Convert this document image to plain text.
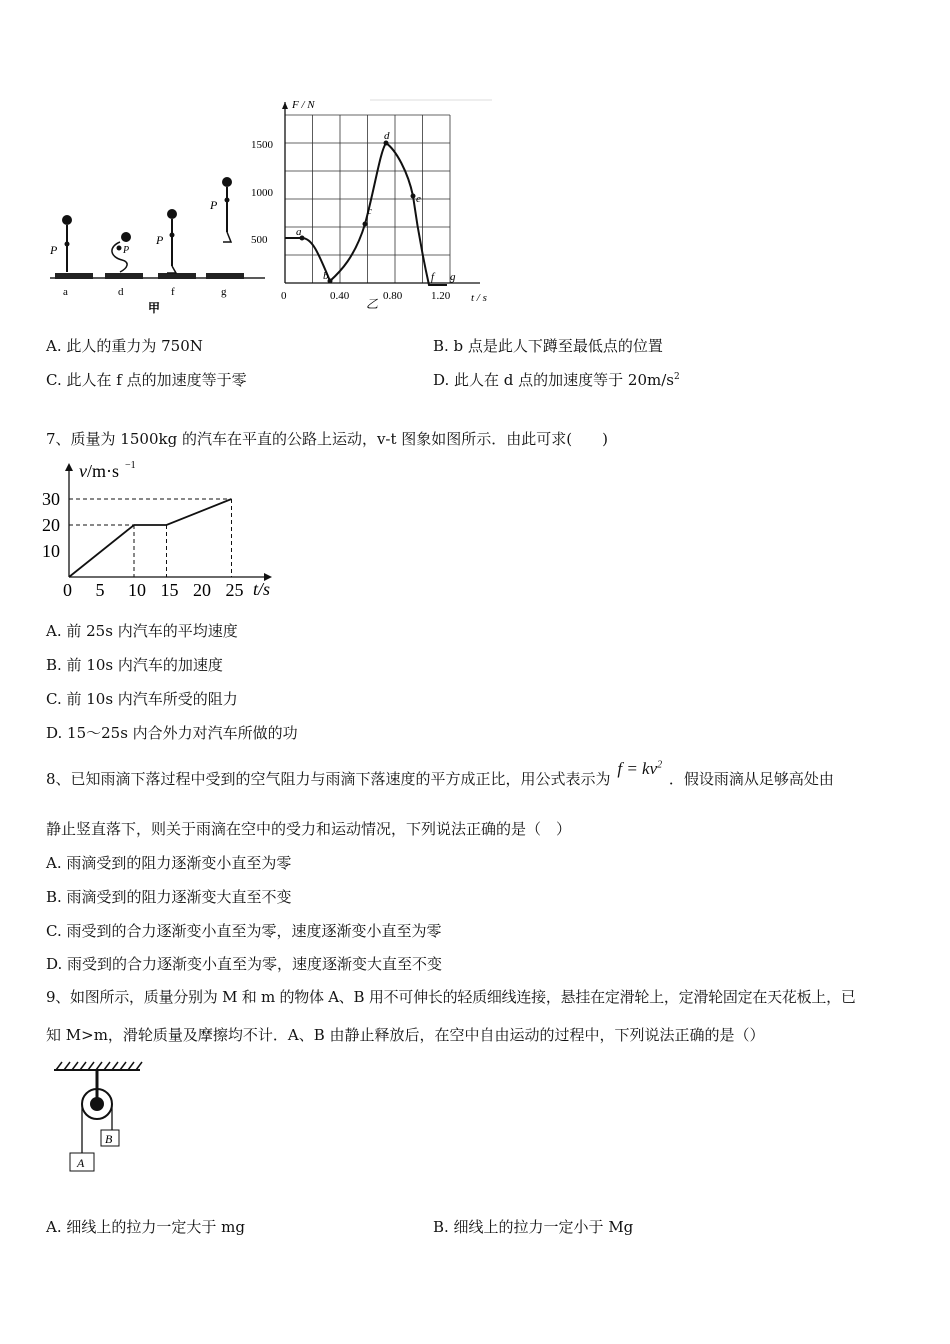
P
a
P
d
P
f
P
g
甲
F / N
t / s
500
1000
1500
0	0.40	0.80	1.20
a
b
c
d
e
f g
乙
A. 此人的重力为 750N	B. b 点是此人下蹲至最低点的位置
C. 此人在 f 点的加速度等于零	D. 此人在 d 点的加速度等于 $20m/s^2$
7、质量为 1500kg 的汽车在平直的公路上运动，v-t 图象如图所示．由此可求(　　)
v/m·s −1
t/s
0 5 10 15 20 25
10
20
30
A. 前 25s 内汽车的平均速度
B. 前 10s 内汽车的加速度
C. 前 10s 内汽车所受的阻力
D. 15～25s 内合外力对汽车所做的功
8、已知雨滴下落过程中受到的空气阻力与雨滴下落速度的平方成正比，用公式表示为 $f = kv^2$ ．假设雨滴从足够高处由
静止竖直落下，则关于雨滴在空中的受力和运动情况，下列说法正确的是（　）
A. 雨滴受到的阻力逐渐变小直至为零
B. 雨滴受到的阻力逐渐变大直至不变
C. 雨受到的合力逐渐变小直至为零，速度逐渐变小直至为零
D. 雨受到的合力逐渐变小直至为零，速度逐渐变大直至不变
9、如图所示，质量分别为 M 和 m 的物体 A、B 用不可伸长的轻质细线连接，悬挂在定滑轮上，定滑轮固定在天花板上，已
知 M>m，滑轮质量及摩擦均不计．A、B 由静止释放后，在空中自由运动的过程中，下列说法正确的是（）
A
B
A. 细线上的拉力一定大于 mg	B. 细线上的拉力一定小于 Mg
